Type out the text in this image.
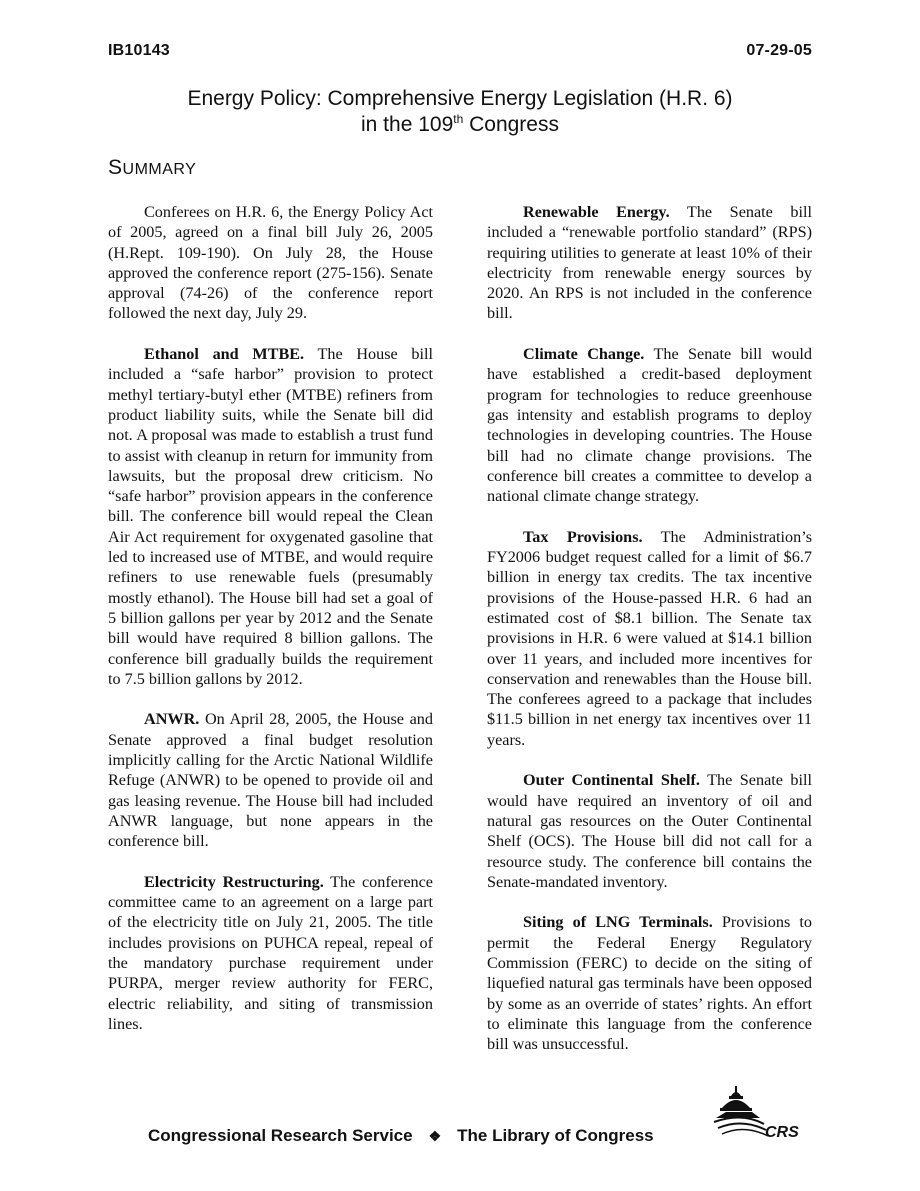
IB10143	07-29-05
Energy Policy: Comprehensive Energy Legislation (H.R. 6)
in the 109th Congress
SUMMARY

Conferees on H.R. 6, the Energy Policy Act of 2005, agreed on a final bill July 26, 2005 (H.Rept. 109-190). On July 28, the House approved the conference report (275-156). Senate approval (74-26) of the conference report followed the next day, July 29.

Ethanol and MTBE. The House bill included a “safe harbor” provision to protect methyl tertiary-butyl ether (MTBE) refiners from product liability suits, while the Senate bill did not. A proposal was made to establish a trust fund to assist with cleanup in return for immunity from lawsuits, but the proposal drew criticism. No “safe harbor” provision appears in the conference bill. The conference bill would repeal the Clean Air Act requirement for oxygenated gasoline that led to increased use of MTBE, and would require refiners to use renewable fuels (presumably mostly ethanol). The House bill had set a goal of 5 billion gallons per year by 2012 and the Senate bill would have required 8 billion gallons. The conference bill gradually builds the requirement to 7.5 billion gallons by 2012.

ANWR. On April 28, 2005, the House and Senate approved a final budget resolution implicitly calling for the Arctic National Wildlife Refuge (ANWR) to be opened to provide oil and gas leasing revenue. The House bill had included ANWR language, but none appears in the conference bill.

Electricity Restructuring. The conference committee came to an agreement on a large part of the electricity title on July 21, 2005. The title includes provisions on PUHCA repeal, repeal of the mandatory purchase requirement under PURPA, merger review authority for FERC, electric reliability, and siting of transmission lines.

Renewable Energy. The Senate bill included a “renewable portfolio standard” (RPS) requiring utilities to generate at least 10% of their electricity from renewable energy sources by 2020. An RPS is not included in the conference bill.

Climate Change. The Senate bill would have established a credit-based deployment program for technologies to reduce greenhouse gas intensity and establish programs to deploy technologies in developing countries. The House bill had no climate change provisions. The conference bill creates a committee to develop a national climate change strategy.

Tax Provisions. The Administration’s FY2006 budget request called for a limit of $6.7 billion in energy tax credits. The tax incentive provisions of the House-passed H.R. 6 had an estimated cost of $8.1 billion. The Senate tax provisions in H.R. 6 were valued at $14.1 billion over 11 years, and included more incentives for conservation and renewables than the House bill. The conferees agreed to a package that includes $11.5 billion in net energy tax incentives over 11 years.

Outer Continental Shelf. The Senate bill would have required an inventory of oil and natural gas resources on the Outer Continental Shelf (OCS). The House bill did not call for a resource study. The conference bill contains the Senate-mandated inventory.

Siting of LNG Terminals. Provisions to permit the Federal Energy Regulatory Commission (FERC) to decide on the siting of liquefied natural gas terminals have been opposed by some as an override of states’ rights. An effort to eliminate this language from the conference bill was unsuccessful.

Congressional Research Service ❖ The Library of Congress	CRS
